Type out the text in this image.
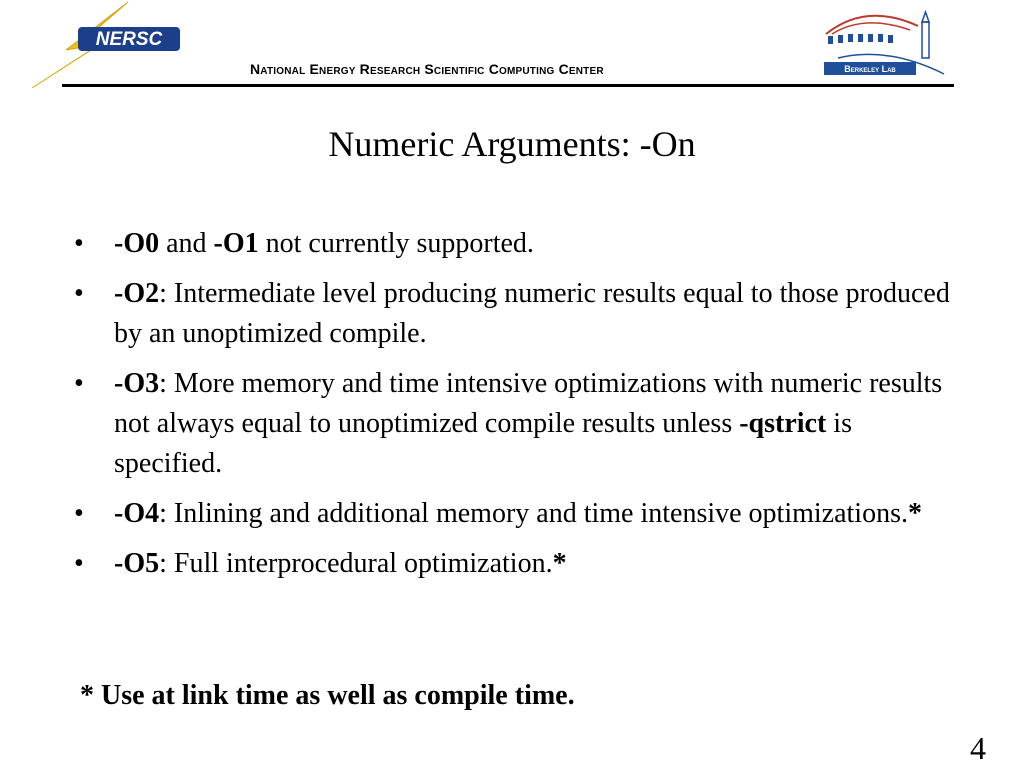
NERSC
Berkeley Lab
National Energy Research Scientific Computing Center
Numeric Arguments: -On
• -O0 and -O1 not currently supported.
• -O2: Intermediate level producing numeric results equal to those produced by an unoptimized compile.
• -O3: More memory and time intensive optimizations with numeric results not always equal to unoptimized compile results unless -qstrict is specified.
• -O4: Inlining and additional memory and time intensive optimizations.*
• -O5: Full interprocedural optimization.*
* Use at link time as well as compile time.
4
